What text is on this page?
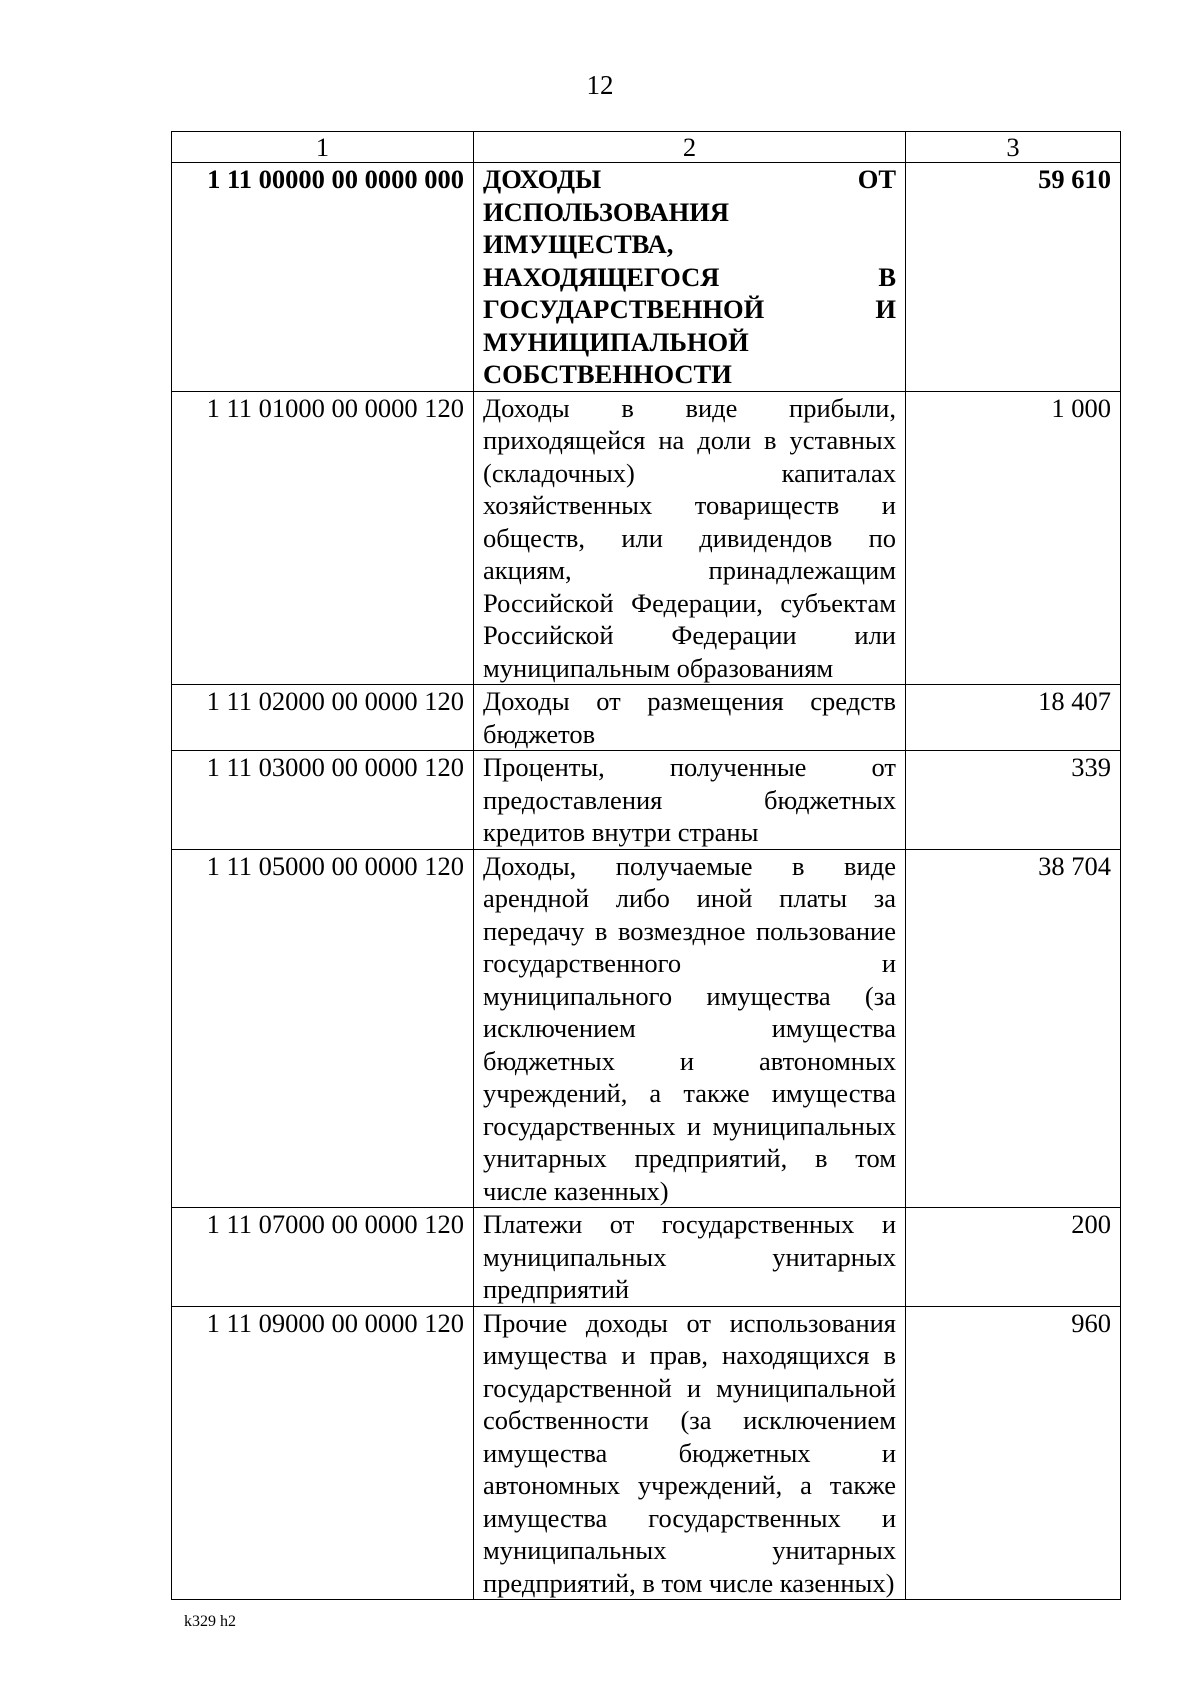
12
1	2	3
1 11 00000 00 0000 000	ДОХОДЫ ОТ ИСПОЛЬЗОВАНИЯ ИМУЩЕСТВА, НАХОДЯЩЕГОСЯ В ГОСУДАРСТВЕННОЙ И МУНИЦИПАЛЬНОЙ СОБСТВЕННОСТИ	59 610
1 11 01000 00 0000 120	Доходы в виде прибыли, приходящейся на доли в уставных (складочных) капиталах хозяйственных товариществ и обществ, или дивидендов по акциям, принадлежащим Российской Федерации, субъектам Российской Федерации или муниципальным образованиям	1 000
1 11 02000 00 0000 120	Доходы от размещения средств бюджетов	18 407
1 11 03000 00 0000 120	Проценты, полученные от предоставления бюджетных кредитов внутри страны	339
1 11 05000 00 0000 120	Доходы, получаемые в виде арендной либо иной платы за передачу в возмездное пользование государственного и муниципального имущества (за исключением имущества бюджетных и автономных учреждений, а также имущества государственных и муниципальных унитарных предприятий, в том числе казенных)	38 704
1 11 07000 00 0000 120	Платежи от государственных и муниципальных унитарных предприятий	200
1 11 09000 00 0000 120	Прочие доходы от использования имущества и прав, находящихся в государственной и муниципальной собственности (за исключением имущества бюджетных и автономных учреждений, а также имущества государственных и муниципальных унитарных предприятий, в том числе казенных)	960
k329 h2
